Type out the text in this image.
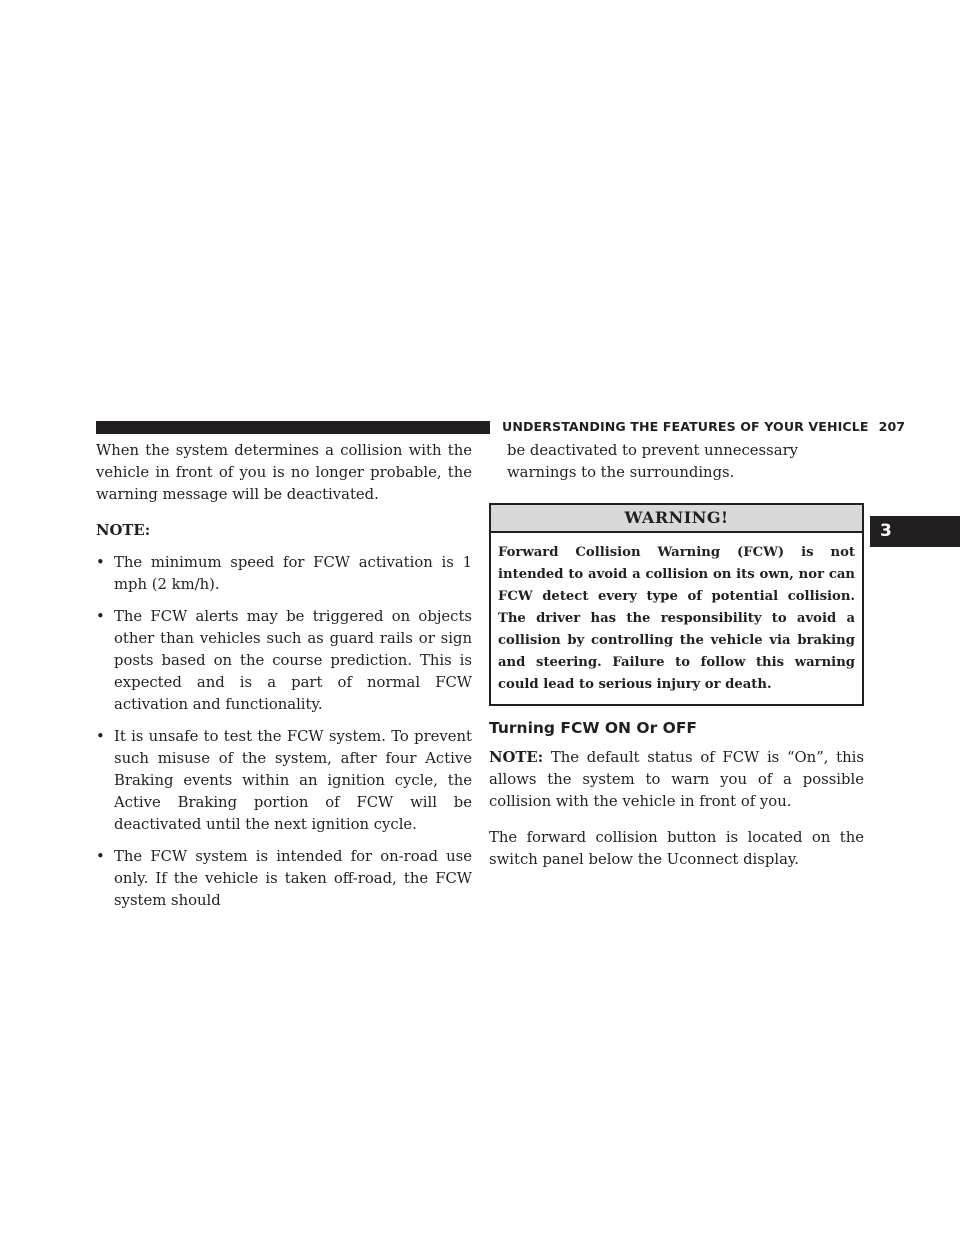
UNDERSTANDING THE FEATURES OF YOUR VEHICLE 207
3

When the system determines a collision with the vehicle in front of you is no longer probable, the warning message will be deactivated.

NOTE:

• The minimum speed for FCW activation is 1 mph (2 km/h).
• The FCW alerts may be triggered on objects other than vehicles such as guard rails or sign posts based on the course prediction. This is expected and is a part of normal FCW activation and functionality.
• It is unsafe to test the FCW system. To prevent such misuse of the system, after four Active Braking events within an ignition cycle, the Active Braking portion of FCW will be deactivated until the next ignition cycle.
• The FCW system is intended for on-road use only. If the vehicle is taken off-road, the FCW system should

be deactivated to prevent unnecessary warnings to the surroundings.

WARNING!
Forward Collision Warning (FCW) is not intended to avoid a collision on its own, nor can FCW detect every type of potential collision. The driver has the responsibility to avoid a collision by controlling the vehicle via braking and steering. Failure to follow this warning could lead to serious injury or death.
Turning FCW ON Or OFF

NOTE: The default status of FCW is “On”, this allows the system to warn you of a possible collision with the vehicle in front of you.

The forward collision button is located on the switch panel below the Uconnect display.
